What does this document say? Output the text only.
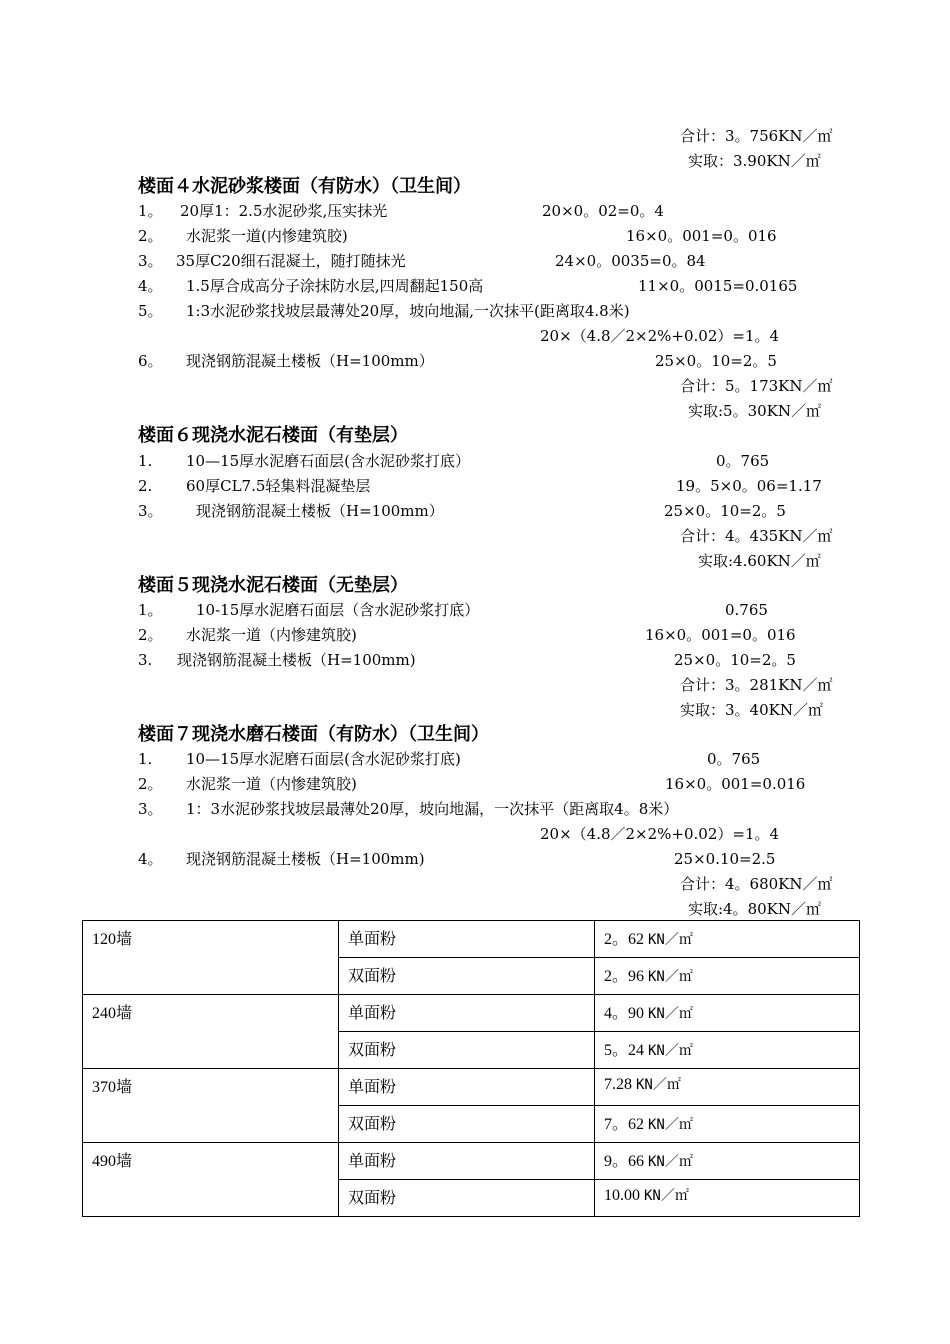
合计：3。756KN／㎡
实取：3.90KN／㎡
楼面４水泥砂浆楼面（有防水）（卫生间）
1。 20厚1：2.5水泥砂浆,压实抹光	20×0。02=0。4
2。 水泥浆一道(内惨建筑胶)	16×0。001=0。016
3。 35厚C20细石混凝土，随打随抹光	24×0。0035=0。84
4。 1.5厚合成高分子涂抹防水层,四周翻起150高	11×0。0015=0.0165
5。 1:3水泥砂浆找坡层最薄处20厚，坡向地漏,一次抹平(距离取4.8米)
20×（4.8／2×2%+0.02）=1。4
6。 现浇钢筋混凝土楼板（H=100mm）	25×0。10=2。5
合计：5。173KN／㎡
实取:5。30KN／㎡
楼面６现浇水泥石楼面（有垫层）
1. 10—15厚水泥磨石面层(含水泥砂浆打底）	0。765
2. 60厚CL7.5轻集料混凝垫层	19。5×0。06=1.17
3。 现浇钢筋混凝土楼板（H=100mm）	25×0。10=2。5
合计：4。435KN／㎡
实取:4.60KN／㎡
楼面５现浇水泥石楼面（无垫层）
1。 10-15厚水泥磨石面层（含水泥砂浆打底）	0.765
2。 水泥浆一道（内惨建筑胶)	16×0。001=0。016
3. 现浇钢筋混凝土楼板（H=100mm)	25×0。10=2。5
合计：3。281KN／㎡
实取：3。40KN／㎡
楼面７现浇水磨石楼面（有防水）（卫生间）
1. 10—15厚水泥磨石面层(含水泥砂浆打底)	0。765
2。 水泥浆一道（内惨建筑胶)	16×0。001=0.016
3。 1：3水泥砂浆找坡层最薄处20厚，坡向地漏，一次抹平（距离取4。8米）
20×（4.8／2×2%+0.02）=1。4
4。 现浇钢筋混凝土楼板（H=100mm)	25×0.10=2.5
合计：4。680KN／㎡
实取:4。80KN／㎡
120墙	单面粉	2。62 KN／㎡
	双面粉	2。96 KN／㎡
240墙	单面粉	4。90 KN／㎡
	双面粉	5。24 KN／㎡
370墙	单面粉	7.28 KN／㎡
	双面粉	7。62 KN／㎡
490墙	单面粉	9。66 KN／㎡
	双面粉	10.00 KN／㎡
